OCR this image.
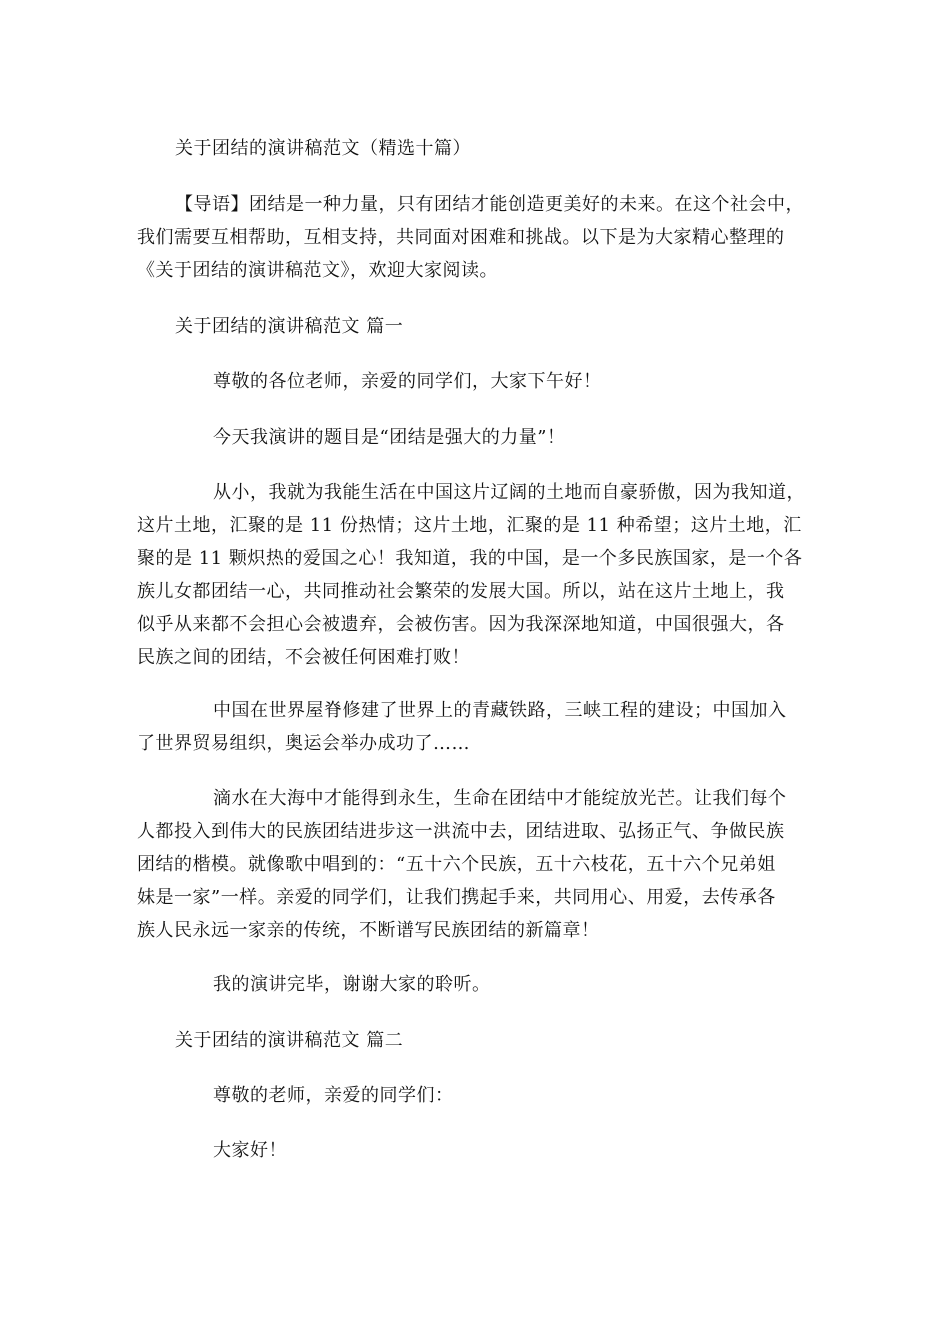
关于团结的演讲稿范文（精选十篇）
【导语】团结是一种力量，只有团结才能创造更美好的未来。在这个社会中，
我们需要互相帮助，互相支持，共同面对困难和挑战。以下是为大家精心整理的
《关于团结的演讲稿范文》，欢迎大家阅读。
关于团结的演讲稿范文 篇一
尊敬的各位老师，亲爱的同学们，大家下午好！
今天我演讲的题目是“团结是强大的力量”！
从小，我就为我能生活在中国这片辽阔的土地而自豪骄傲，因为我知道，
这片土地，汇聚的是 11 份热情；这片土地，汇聚的是 11 种希望；这片土地，汇
聚的是 11 颗炽热的爱国之心！我知道，我的中国，是一个多民族国家，是一个各
族儿女都团结一心，共同推动社会繁荣的发展大国。所以，站在这片土地上，我
似乎从来都不会担心会被遗弃，会被伤害。因为我深深地知道，中国很强大，各
民族之间的团结，不会被任何困难打败！
中国在世界屋脊修建了世界上的青藏铁路，三峡工程的建设；中国加入
了世界贸易组织，奥运会举办成功了……
滴水在大海中才能得到永生，生命在团结中才能绽放光芒。让我们每个
人都投入到伟大的民族团结进步这一洪流中去，团结进取、弘扬正气、争做民族
团结的楷模。就像歌中唱到的：“五十六个民族，五十六枝花，五十六个兄弟姐
妹是一家”一样。亲爱的同学们，让我们携起手来，共同用心、用爱，去传承各
族人民永远一家亲的传统，不断谱写民族团结的新篇章！
我的演讲完毕，谢谢大家的聆听。
关于团结的演讲稿范文 篇二
尊敬的老师，亲爱的同学们：
大家好！
